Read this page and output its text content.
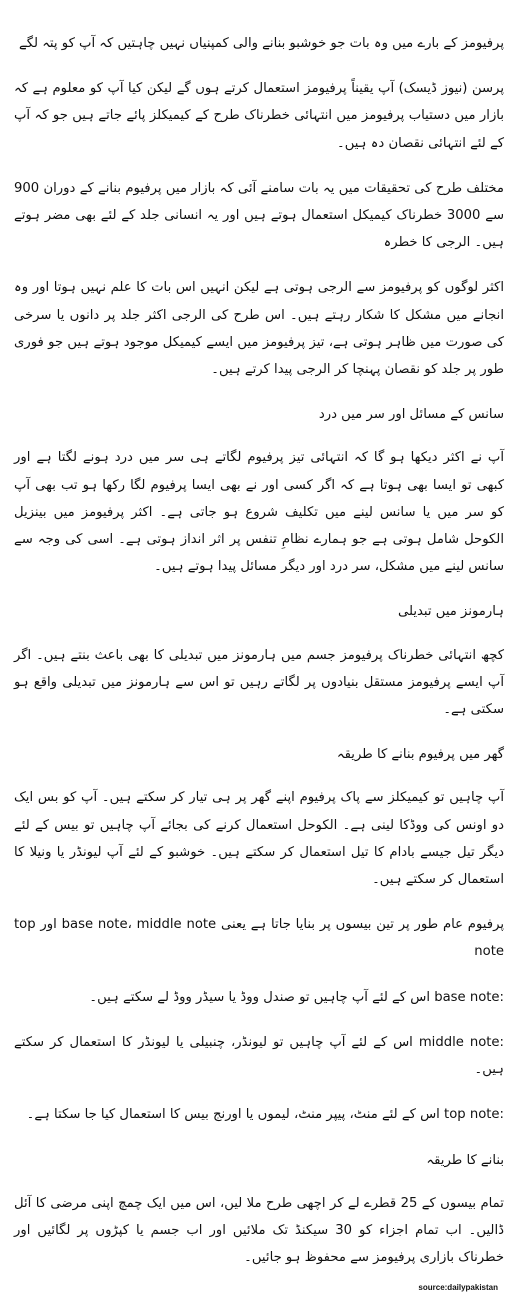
پرفیومز کے بارے میں وہ بات جو خوشبو بنانے والی کمپنیاں نہیں چاہتیں کہ آپ کو پتہ لگے

پرسن (نیوز ڈیسک) آپ یقیناً پرفیومز استعمال کرتے ہوں گے لیکن کیا آپ کو معلوم ہے کہ بازار میں دستیاب پرفیومز میں انتہائی خطرناک طرح کے کیمیکلز پائے جاتے ہیں جو کہ آپ کے لئے انتہائی نقصان دہ ہیں۔

مختلف طرح کی تحقیقات میں یہ بات سامنے آئی کہ بازار میں پرفیوم بنانے کے دوران 900 سے 3000 خطرناک کیمیکل استعمال ہوتے ہیں اور یہ انسانی جلد کے لئے بھی مضر ہوتے ہیں۔ الرجی کا خطرہ

اکثر لوگوں کو پرفیومز سے الرجی ہوتی ہے لیکن انہیں اس بات کا علم نہیں ہوتا اور وہ انجانے میں مشکل کا شکار رہتے ہیں۔ اس طرح کی الرجی اکثر جلد پر دانوں یا سرخی کی صورت میں ظاہر ہوتی ہے، تیز پرفیومز میں ایسے کیمیکل موجود ہوتے ہیں جو فوری طور پر جلد کو نقصان پہنچا کر الرجی پیدا کرتے ہیں۔

سانس کے مسائل اور سر میں درد

آپ نے اکثر دیکھا ہو گا کہ انتہائی تیز پرفیوم لگاتے ہی سر میں درد ہونے لگتا ہے اور کبھی تو ایسا بھی ہوتا ہے کہ اگر کسی اور نے بھی ایسا پرفیوم لگا رکھا ہو تب بھی آپ کو سر میں یا سانس لینے میں تکلیف شروع ہو جاتی ہے۔ اکثر پرفیومز میں بینزیل الکوحل شامل ہوتی ہے جو ہمارے نظامِ تنفس پر اثر انداز ہوتی ہے۔ اسی کی وجہ سے سانس لینے میں مشکل، سر درد اور دیگر مسائل پیدا ہوتے ہیں۔

ہارمونز میں تبدیلی

کچھ انتہائی خطرناک پرفیومز جسم میں ہارمونز میں تبدیلی کا بھی باعث بنتے ہیں۔ اگر آپ ایسے پرفیومز مستقل بنیادوں پر لگاتے رہیں تو اس سے ہارمونز میں تبدیلی واقع ہو سکتی ہے۔

گھر میں پرفیوم بنانے کا طریقہ

آپ چاہیں تو کیمیکلز سے پاک پرفیوم اپنے گھر پر ہی تیار کر سکتے ہیں۔ آپ کو بس ایک دو اونس کی ووڈکا لینی ہے۔ الکوحل استعمال کرنے کی بجائے آپ چاہیں تو بیس کے لئے دیگر تیل جیسے بادام کا تیل استعمال کر سکتے ہیں۔ خوشبو کے لئے آپ لیونڈر یا ونیلا کا استعمال کر سکتے ہیں۔

پرفیوم عام طور پر تین بیسوں پر بنایا جاتا ہے یعنی base note، middle note اور top note

base note: اس کے لئے آپ چاہیں تو صندل ووڈ یا سیڈر ووڈ لے سکتے ہیں۔

middle note: اس کے لئے آپ چاہیں تو لیونڈر، چنبیلی یا لیونڈر کا استعمال کر سکتے ہیں۔

top note: اس کے لئے منٹ، پیپر منٹ، لیموں یا اورنج بیس کا استعمال کیا جا سکتا ہے۔

بنانے کا طریقہ

تمام بیسوں کے 25 قطرے لے کر اچھی طرح ملا لیں، اس میں ایک چمچ اپنی مرضی کا آئل ڈالیں۔ اب تمام اجزاء کو 30 سیکنڈ تک ملائیں اور اب جسم یا کپڑوں پر لگائیں اور خطرناک بازاری پرفیومز سے محفوظ ہو جائیں۔

source:dailypakistan
